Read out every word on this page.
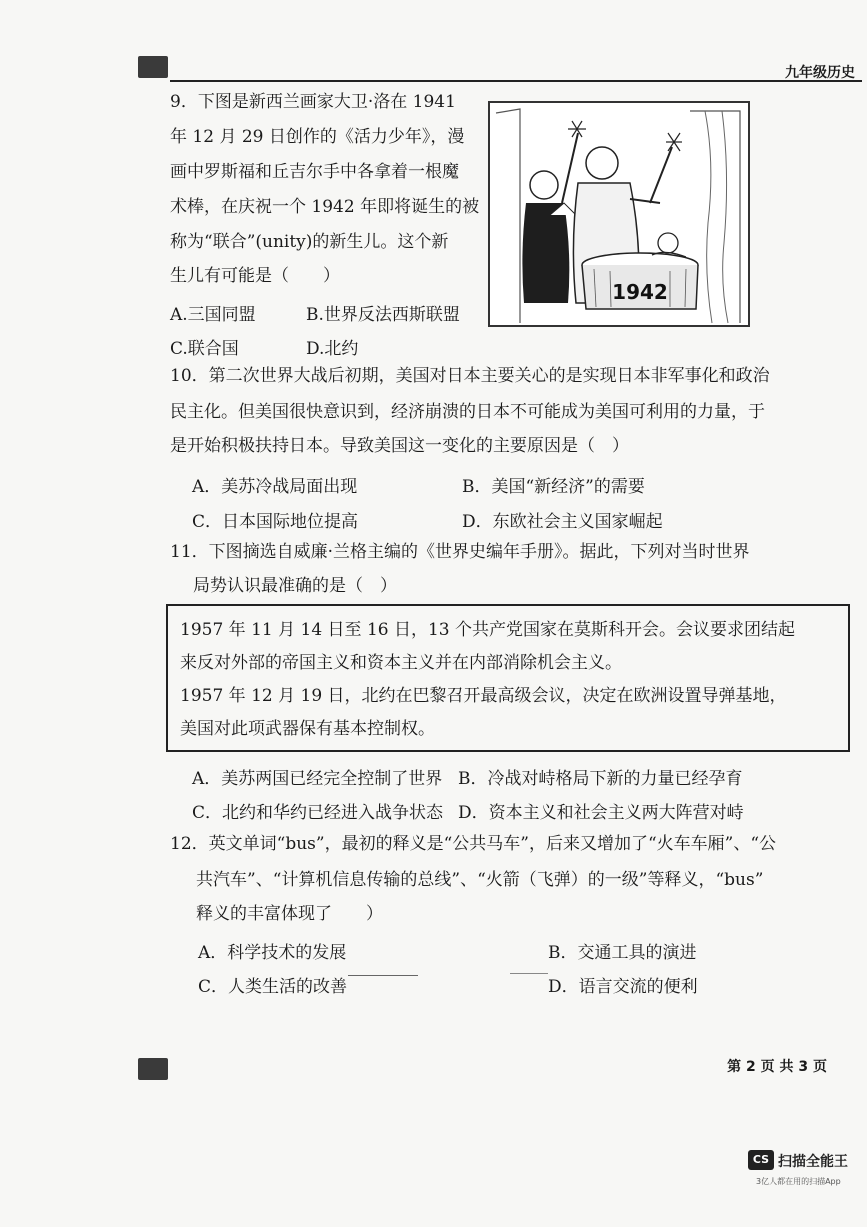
九年级历史
9．下图是新西兰画家大卫·洛在 1941
年 12 月 29 日创作的《活力少年》，漫
画中罗斯福和丘吉尔手中各拿着一根魔
术棒，在庆祝一个 1942 年即将诞生的被
称为“联合”(unity)的新生儿。这个新
生儿有可能是（　　）
A.三国同盟	B.世界反法西斯联盟
C.联合国	D.北约
1942
10．第二次世界大战后初期，美国对日本主要关心的是实现日本非军事化和政治
民主化。但美国很快意识到，经济崩溃的日本不可能成为美国可利用的力量，于
是开始积极扶持日本。导致美国这一变化的主要原因是（　）
A．美苏冷战局面出现	B．美国“新经济”的需要
C．日本国际地位提高	D．东欧社会主义国家崛起
11．下图摘选自威廉·兰格主编的《世界史编年手册》。据此，下列对当时世界
局势认识最准确的是（　）

1957 年 11 月 14 日至 16 日，13 个共产党国家在莫斯科开会。会议要求团结起

来反对外部的帝国主义和资本主义并在内部消除机会主义。

1957 年 12 月 19 日，北约在巴黎召开最高级会议，决定在欧洲设置导弹基地，

美国对此项武器保有基本控制权。

A．美苏两国已经完全控制了世界 B．冷战对峙格局下新的力量已经孕育
C．北约和华约已经进入战争状态 D．资本主义和社会主义两大阵营对峙
12．英文单词“bus”，最初的释义是“公共马车”，后来又增加了“火车车厢”、“公
共汽车”、“计算机信息传输的总线”、“火箭（飞弹）的一级”等释义，“bus”
释义的丰富体现了　　）
A．科学技术的发展	B．交通工具的演进
C．人类生活的改善	D．语言交流的便利
第 2 页 共 3 页
CS 扫描全能王
3亿人都在用的扫描App
